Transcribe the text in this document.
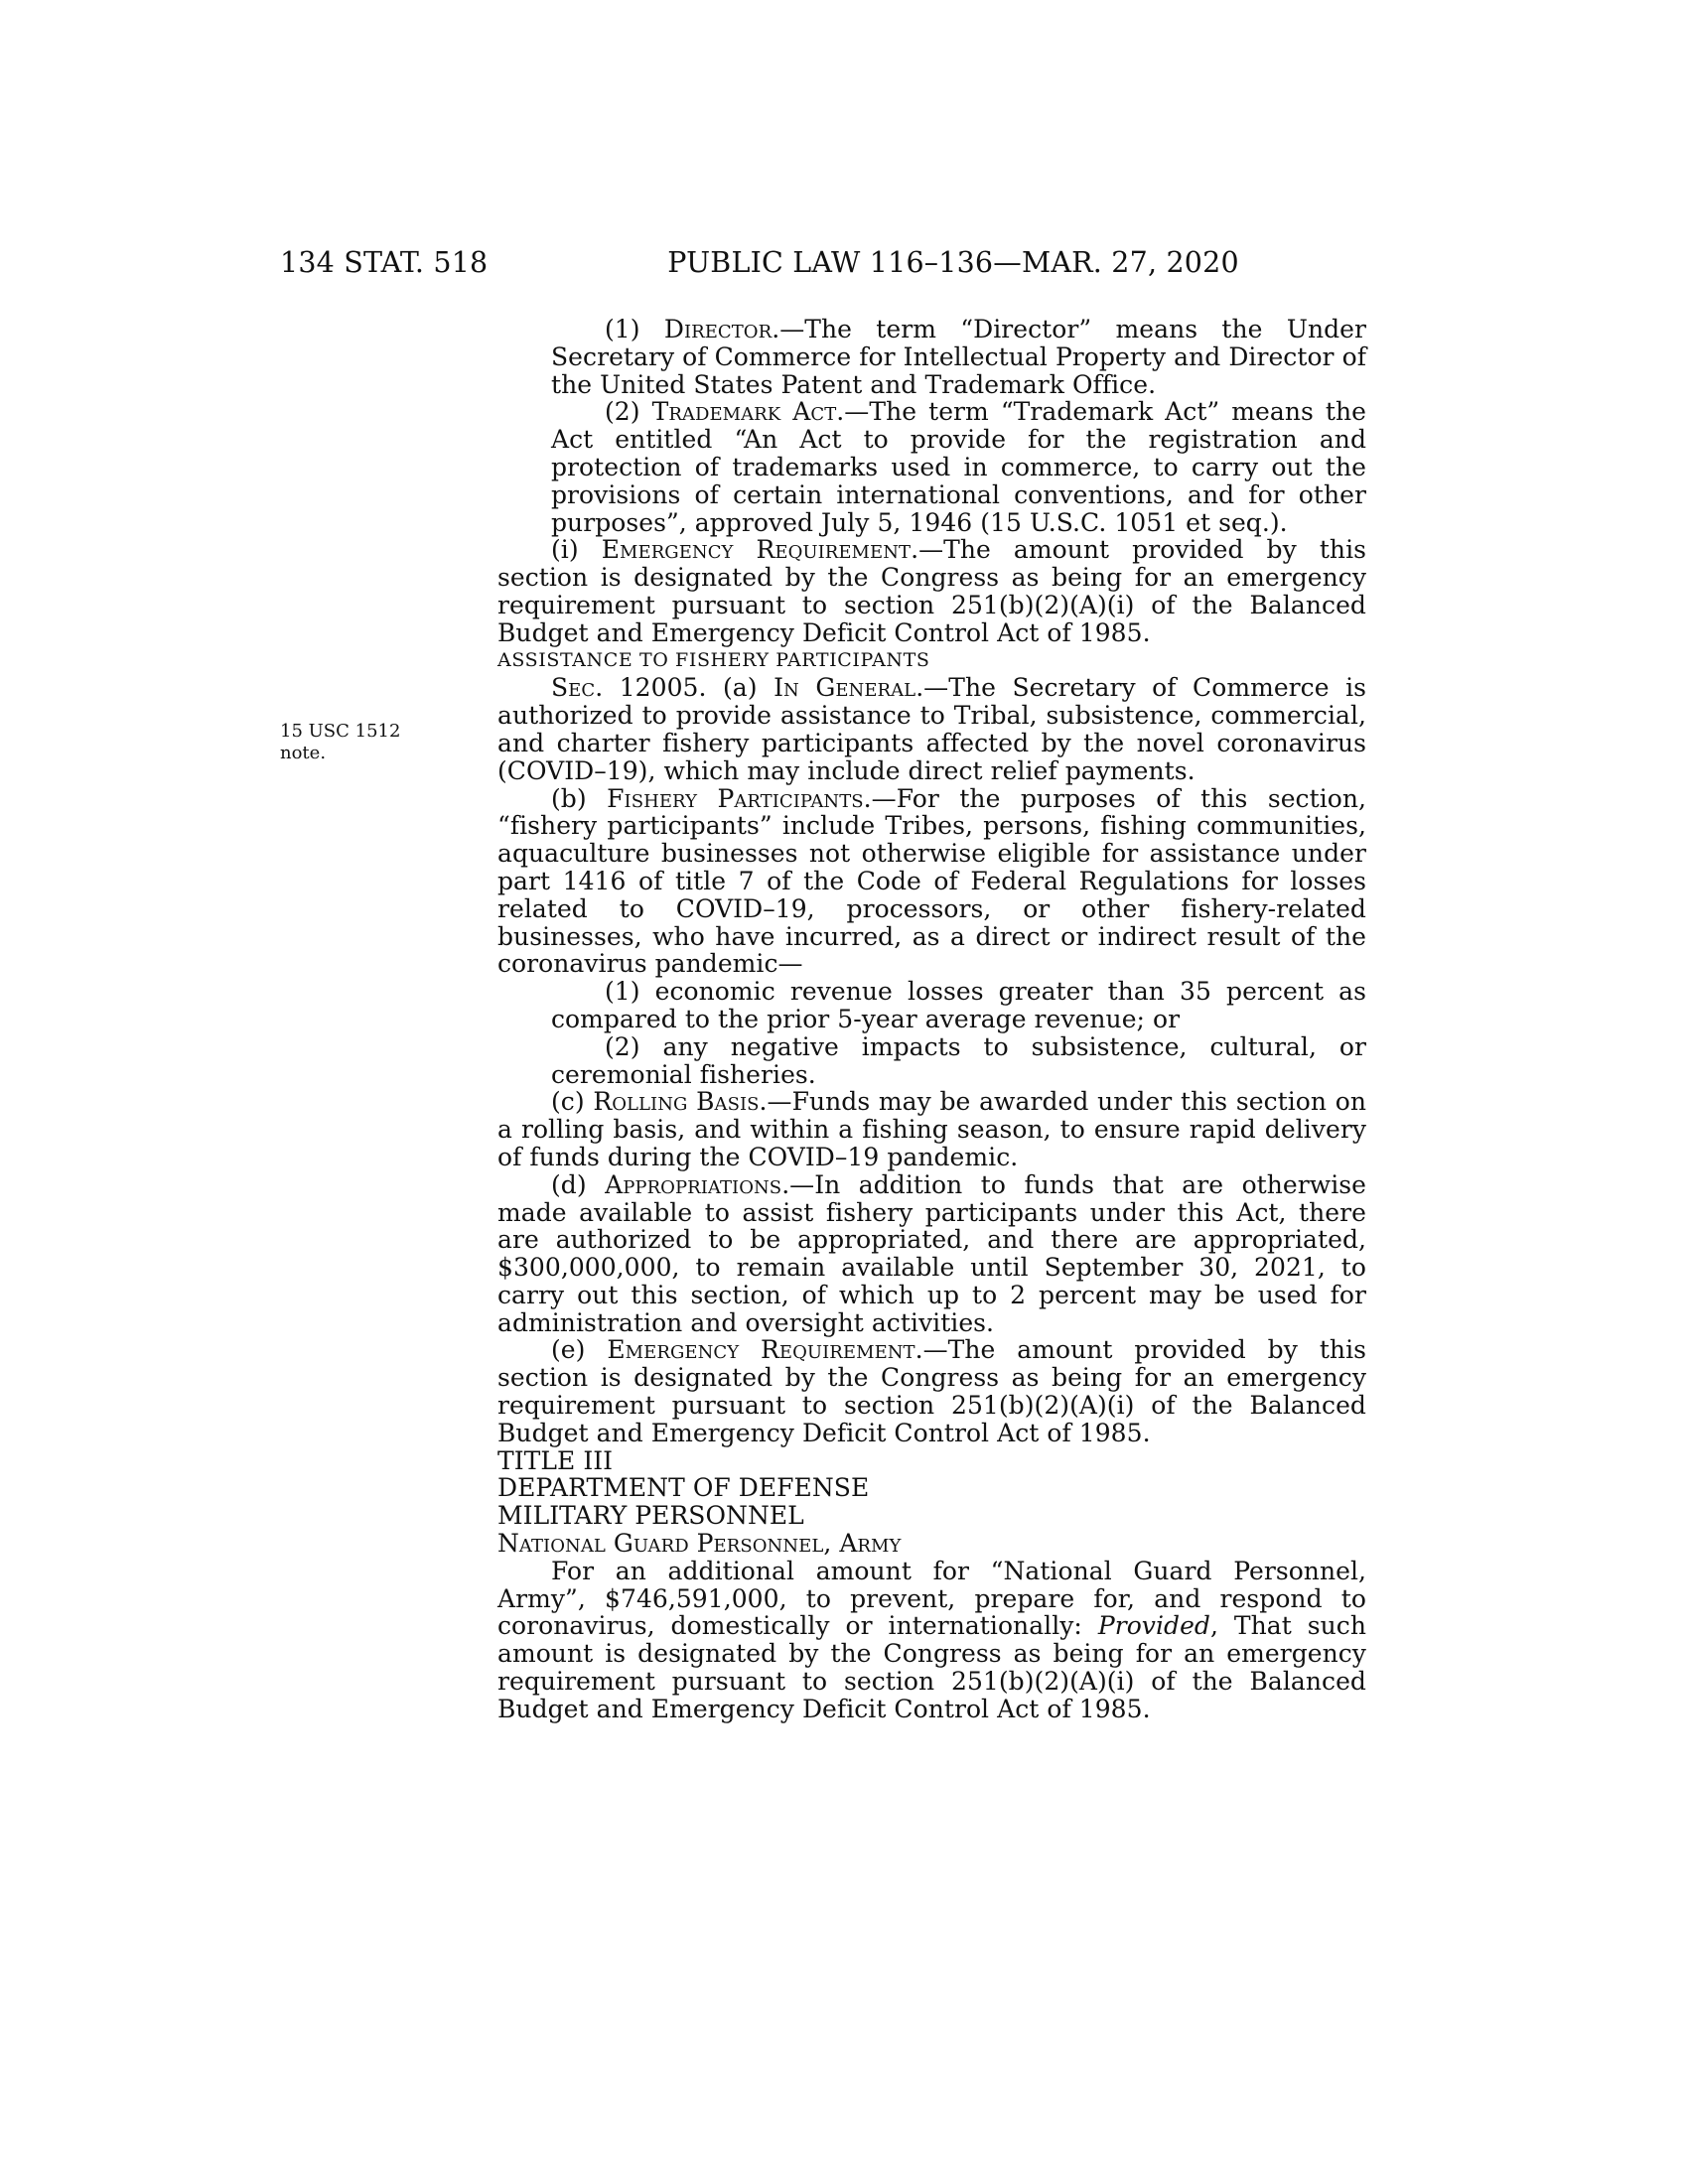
134 STAT. 518	PUBLIC LAW 116–136—MAR. 27, 2020
15 USC 1512
note.

(1) Director.—The term “Director” means the Under Secretary of Commerce for Intellectual Property and Director of the United States Patent and Trademark Office.

(2) Trademark Act.—The term “Trademark Act” means the Act entitled “An Act to provide for the registration and protection of trademarks used in commerce, to carry out the provisions of certain international conventions, and for other purposes”, approved July 5, 1946 (15 U.S.C. 1051 et seq.).

(i) Emergency Requirement.—The amount provided by this section is designated by the Congress as being for an emergency requirement pursuant to section 251(b)(2)(A)(i) of the Balanced Budget and Emergency Deficit Control Act of 1985.

ASSISTANCE TO FISHERY PARTICIPANTS

Sec. 12005. (a) In General.—The Secretary of Commerce is authorized to provide assistance to Tribal, subsistence, commercial, and charter fishery participants affected by the novel coronavirus (COVID–19), which may include direct relief payments.

(b) Fishery Participants.—For the purposes of this section, “fishery participants” include Tribes, persons, fishing communities, aquaculture businesses not otherwise eligible for assistance under part 1416 of title 7 of the Code of Federal Regulations for losses related to COVID–19, processors, or other fishery-related businesses, who have incurred, as a direct or indirect result of the coronavirus pandemic—

(1) economic revenue losses greater than 35 percent as compared to the prior 5-year average revenue; or

(2) any negative impacts to subsistence, cultural, or ceremonial fisheries.

(c) Rolling Basis.—Funds may be awarded under this section on a rolling basis, and within a fishing season, to ensure rapid delivery of funds during the COVID–19 pandemic.

(d) Appropriations.—In addition to funds that are otherwise made available to assist fishery participants under this Act, there are authorized to be appropriated, and there are appropriated, $300,000,000, to remain available until September 30, 2021, to carry out this section, of which up to 2 percent may be used for administration and oversight activities.

(e) Emergency Requirement.—The amount provided by this section is designated by the Congress as being for an emergency requirement pursuant to section 251(b)(2)(A)(i) of the Balanced Budget and Emergency Deficit Control Act of 1985.

TITLE III

DEPARTMENT OF DEFENSE

MILITARY PERSONNEL

National Guard Personnel, Army

For an additional amount for “National Guard Personnel, Army”, $746,591,000, to prevent, prepare for, and respond to coronavirus, domestically or internationally: Provided, That such amount is designated by the Congress as being for an emergency requirement pursuant to section 251(b)(2)(A)(i) of the Balanced Budget and Emergency Deficit Control Act of 1985.
